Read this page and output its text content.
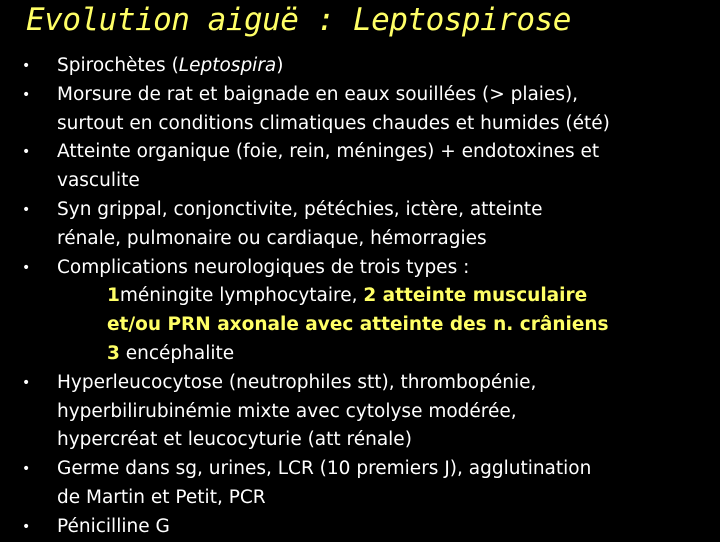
Evolution aiguë : Leptospirose
• Spirochètes (Leptospira)
• Morsure de rat et baignade en eaux souillées (> plaies),
surtout en conditions climatiques chaudes et humides (été)
• Atteinte organique (foie, rein, méninges) + endotoxines et
vasculite
• Syn grippal, conjonctivite, pétéchies, ictère, atteinte
rénale, pulmonaire ou cardiaque, hémorragies
• Complications neurologiques de trois types :
1méningite lymphocytaire, 2 atteinte musculaire
et/ou PRN axonale avec atteinte des n. crâniens
3 encéphalite
• Hyperleucocytose (neutrophiles stt), thrombopénie,
hyperbilirubinémie mixte avec cytolyse modérée,
hypercréat et leucocyturie (att rénale)
• Germe dans sg, urines, LCR (10 premiers J), agglutination
de Martin et Petit, PCR
• Pénicilline G
